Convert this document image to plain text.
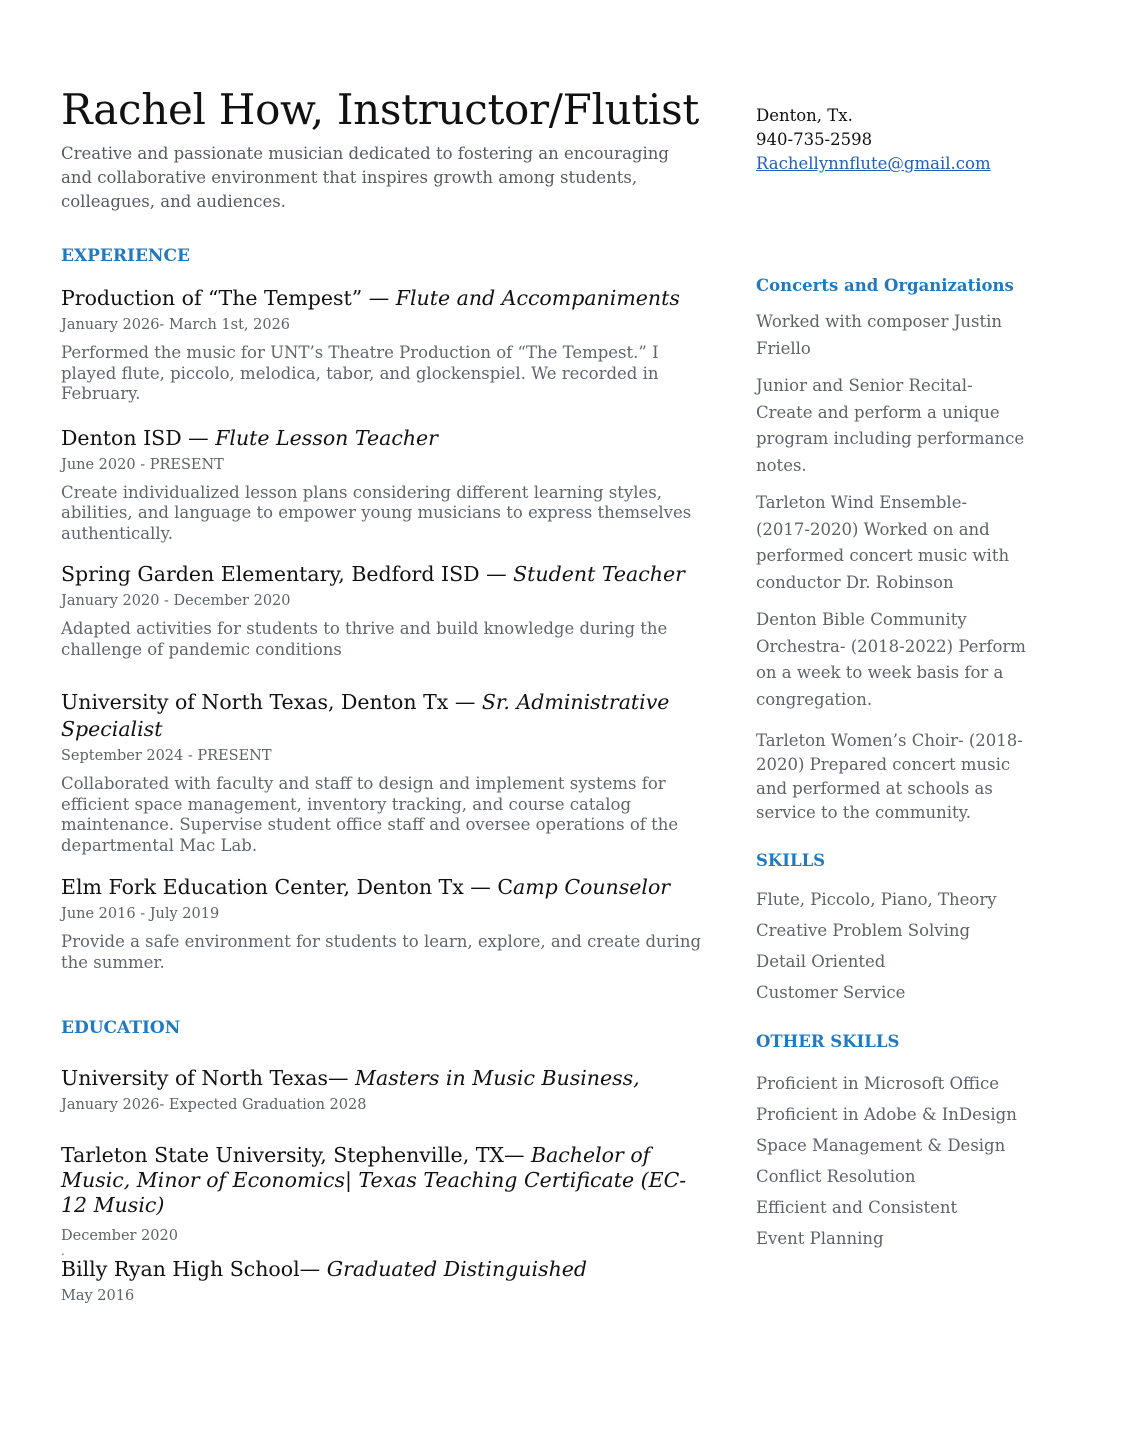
Rachel How, Instructor/Flutist

Creative and passionate musician dedicated to fostering an encouraging and collaborative environment that inspires growth among students, colleagues, and audiences.

EXPERIENCE

Production of “The Tempest” — Flute and Accompaniments

January 2026- March 1st, 2026

Performed the music for UNT’s Theatre Production of “The Tempest.” I played flute, piccolo, melodica, tabor, and glockenspiel. We recorded in February.

Denton ISD — Flute Lesson Teacher

June 2020 - PRESENT

Create individualized lesson plans considering different learning styles, abilities, and language to empower young musicians to express themselves authentically.

Spring Garden Elementary, Bedford ISD — Student Teacher

January 2020 - December 2020

Adapted activities for students to thrive and build knowledge during the challenge of pandemic conditions

University of North Texas, Denton Tx — Sr. Administrative Specialist

September 2024 - PRESENT

Collaborated with faculty and staff to design and implement systems for efficient space management, inventory tracking, and course catalog maintenance. Supervise student office staff and oversee operations of the departmental Mac Lab.

Elm Fork Education Center, Denton Tx — Camp Counselor

June 2016 - July 2019

Provide a safe environment for students to learn, explore, and create during the summer.

EDUCATION

University of North Texas— Masters in Music Business,

January 2026- Expected Graduation 2028

Tarleton State University, Stephenville, TX— Bachelor of Music, Minor of Economics| Texas Teaching Certificate (EC-12 Music)

December 2020

.

Billy Ryan High School— Graduated Distinguished

May 2016

Denton, Tx.

940-735-2598

Rachellynnflute@gmail.com

Concerts and Organizations

Worked with composer Justin Friello

Junior and Senior Recital- Create and perform a unique program including performance notes.

Tarleton Wind Ensemble- (2017-2020) Worked on and performed concert music with conductor Dr. Robinson

Denton Bible Community Orchestra- (2018-2022) Perform on a week to week basis for a congregation.

Tarleton Women’s Choir- (2018-2020) Prepared concert music and performed at schools as service to the community.

SKILLS

Flute, Piccolo, Piano, Theory

Creative Problem Solving

Detail Oriented

Customer Service

OTHER SKILLS

Proficient in Microsoft Office

Proficient in Adobe & InDesign

Space Management & Design

Conflict Resolution

Efficient and Consistent

Event Planning
